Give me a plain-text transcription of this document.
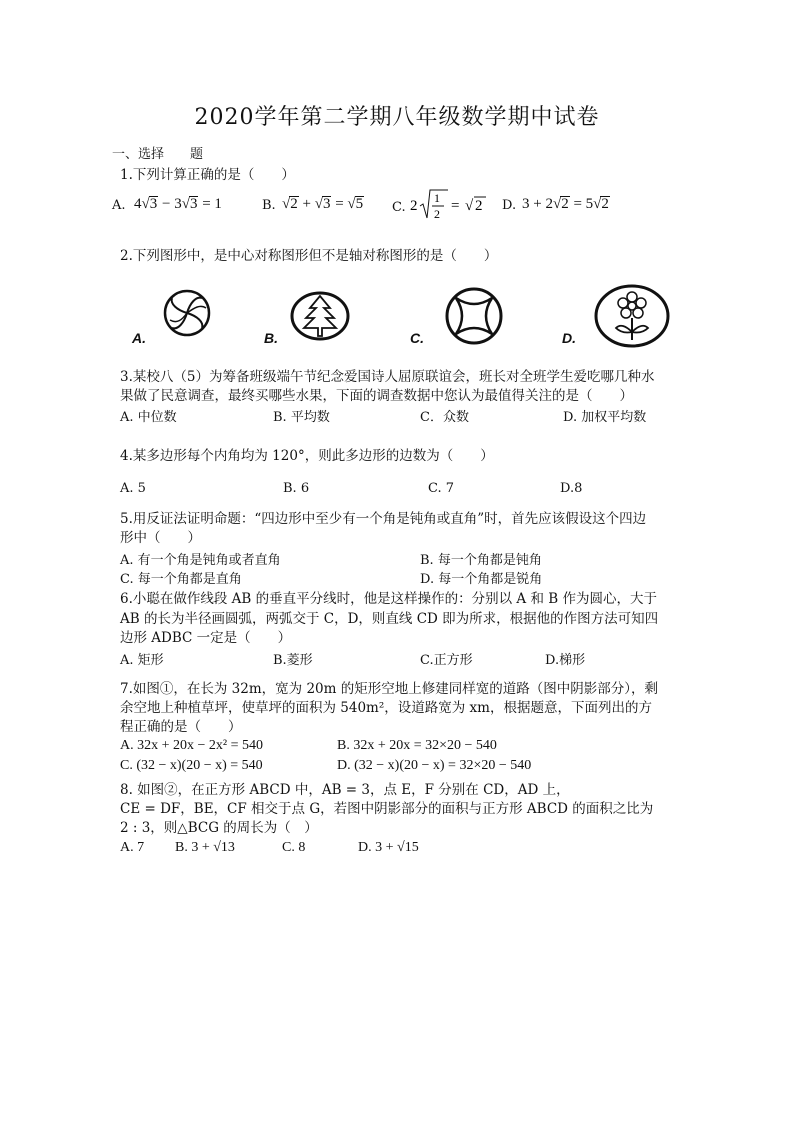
2020学年第二学期八年级数学期中试卷
一、选择　　题
1.下列计算正确的是（　　）
A. 4√3 − 3√3 = 1	B. √2 + √3 = √5 C. 2 1
2 = √ 2 D. 3 + 2√2 = 5√2
2.下列图形中，是中心对称图形但不是轴对称图形的是（　　）
A.	B.	C.	D.
3.某校八（5）为筹备班级端午节纪念爱国诗人屈原联谊会，班长对全班学生爱吃哪几种水
果做了民意调查，最终买哪些水果，下面的调查数据中您认为最值得关注的是（　　）
A. 中位数	B. 平均数	C．众数	D. 加权平均数
4.某多边形每个内角均为 120°，则此多边形的边数为（　　）
A. 5	B. 6	C. 7	D.8
5.用反证法证明命题：“四边形中至少有一个角是钝角或直角”时，首先应该假设这个四边
形中（　　）
A. 有一个角是钝角或者直角	B. 每一个角都是钝角
C. 每一个角都是直角	D. 每一个角都是锐角
6.小聪在做作线段 AB 的垂直平分线时，他是这样操作的：分别以 A 和 B 作为圆心，大于
AB 的长为半径画圆弧，两弧交于 C，D，则直线 CD 即为所求，根据他的作图方法可知四
边形 ADBC 一定是（　　）
A. 矩形	B.菱形	C.正方形	D.梯形
7.如图①，在长为 32m，宽为 20m 的矩形空地上修建同样宽的道路（图中阴影部分），剩
余空地上种植草坪，使草坪的面积为 540m²，设道路宽为 xm，根据题意，下面列出的方
程正确的是（　　）
A. 32x + 20x − 2x² = 540	B. 32x + 20x = 32×20 − 540
C. (32 − x)(20 − x) = 540	D. (32 − x)(20 − x) = 32×20 − 540
8. 如图②，在正方形 ABCD 中，AB = 3，点 E，F 分别在 CD，AD 上，
CE = DF，BE，CF 相交于点 G，若图中阴影部分的面积与正方形 ABCD 的面积之比为
2 : 3，则△BCG 的周长为（　）
A. 7 B. 3 + √13	C. 8	D. 3 + √15
